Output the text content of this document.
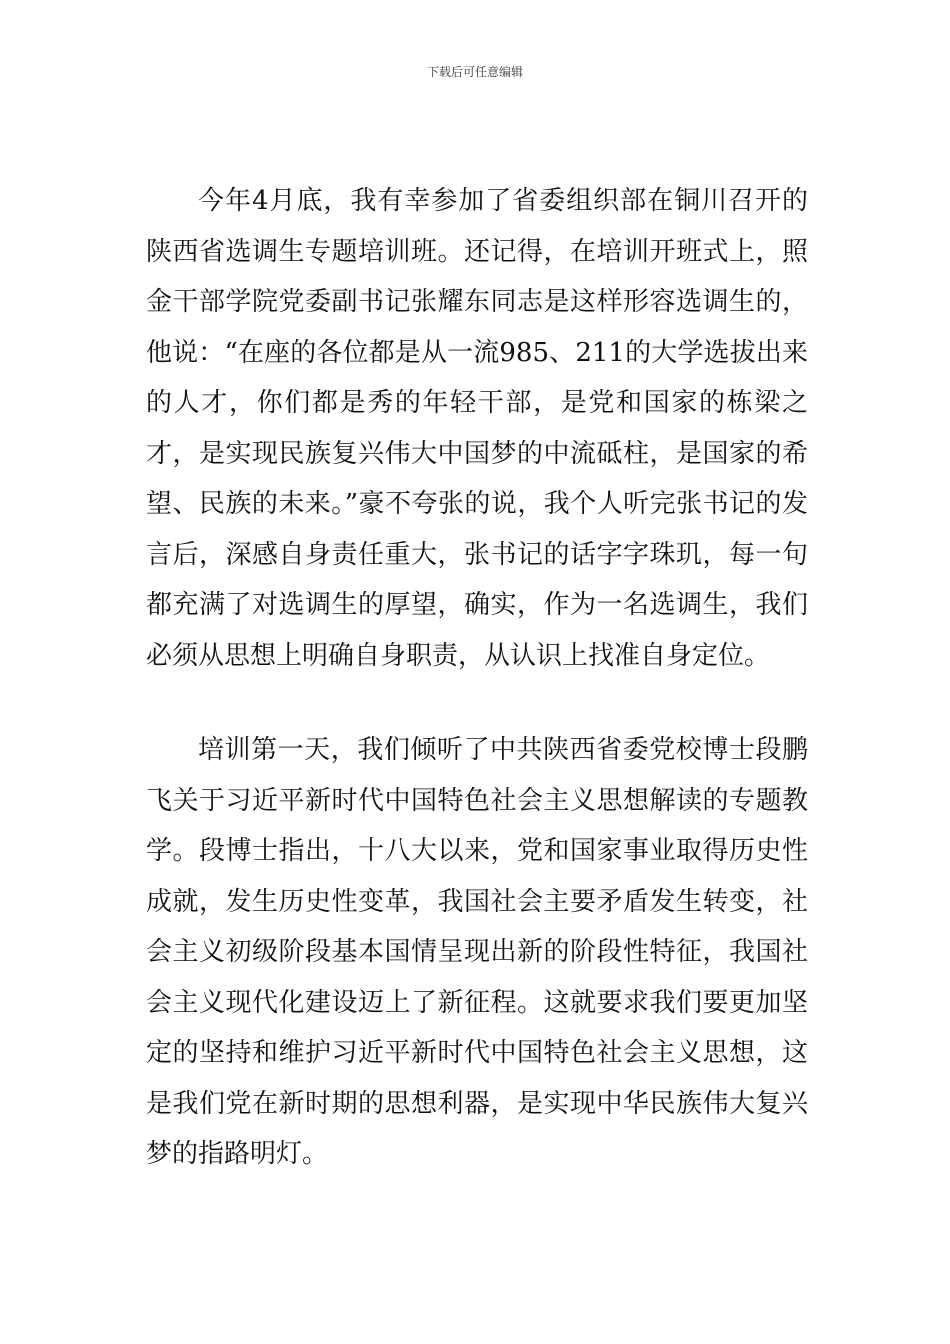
下载后可任意编辑

今年4月底，我有幸参加了省委组织部在铜川召开的陕西省选调生专题培训班。还记得，在培训开班式上，照金干部学院党委副书记张耀东同志是这样形容选调生的，他说：“在座的各位都是从一流985、211的大学选拔出来的人才，你们都是秀的年轻干部，是党和国家的栋梁之才，是实现民族复兴伟大中国梦的中流砥柱，是国家的希望、民族的未来。”豪不夸张的说，我个人听完张书记的发言后，深感自身责任重大，张书记的话字字珠玑，每一句都充满了对选调生的厚望，确实，作为一名选调生，我们必须从思想上明确自身职责，从认识上找准自身定位。

培训第一天，我们倾听了中共陕西省委党校博士段鹏飞关于习近平新时代中国特色社会主义思想解读的专题教学。段博士指出，十八大以来，党和国家事业取得历史性成就，发生历史性变革，我国社会主要矛盾发生转变，社会主义初级阶段基本国情呈现出新的阶段性特征，我国社会主义现代化建设迈上了新征程。这就要求我们要更加坚定的坚持和维护习近平新时代中国特色社会主义思想，这是我们党在新时期的思想利器，是实现中华民族伟大复兴梦的指路明灯。
